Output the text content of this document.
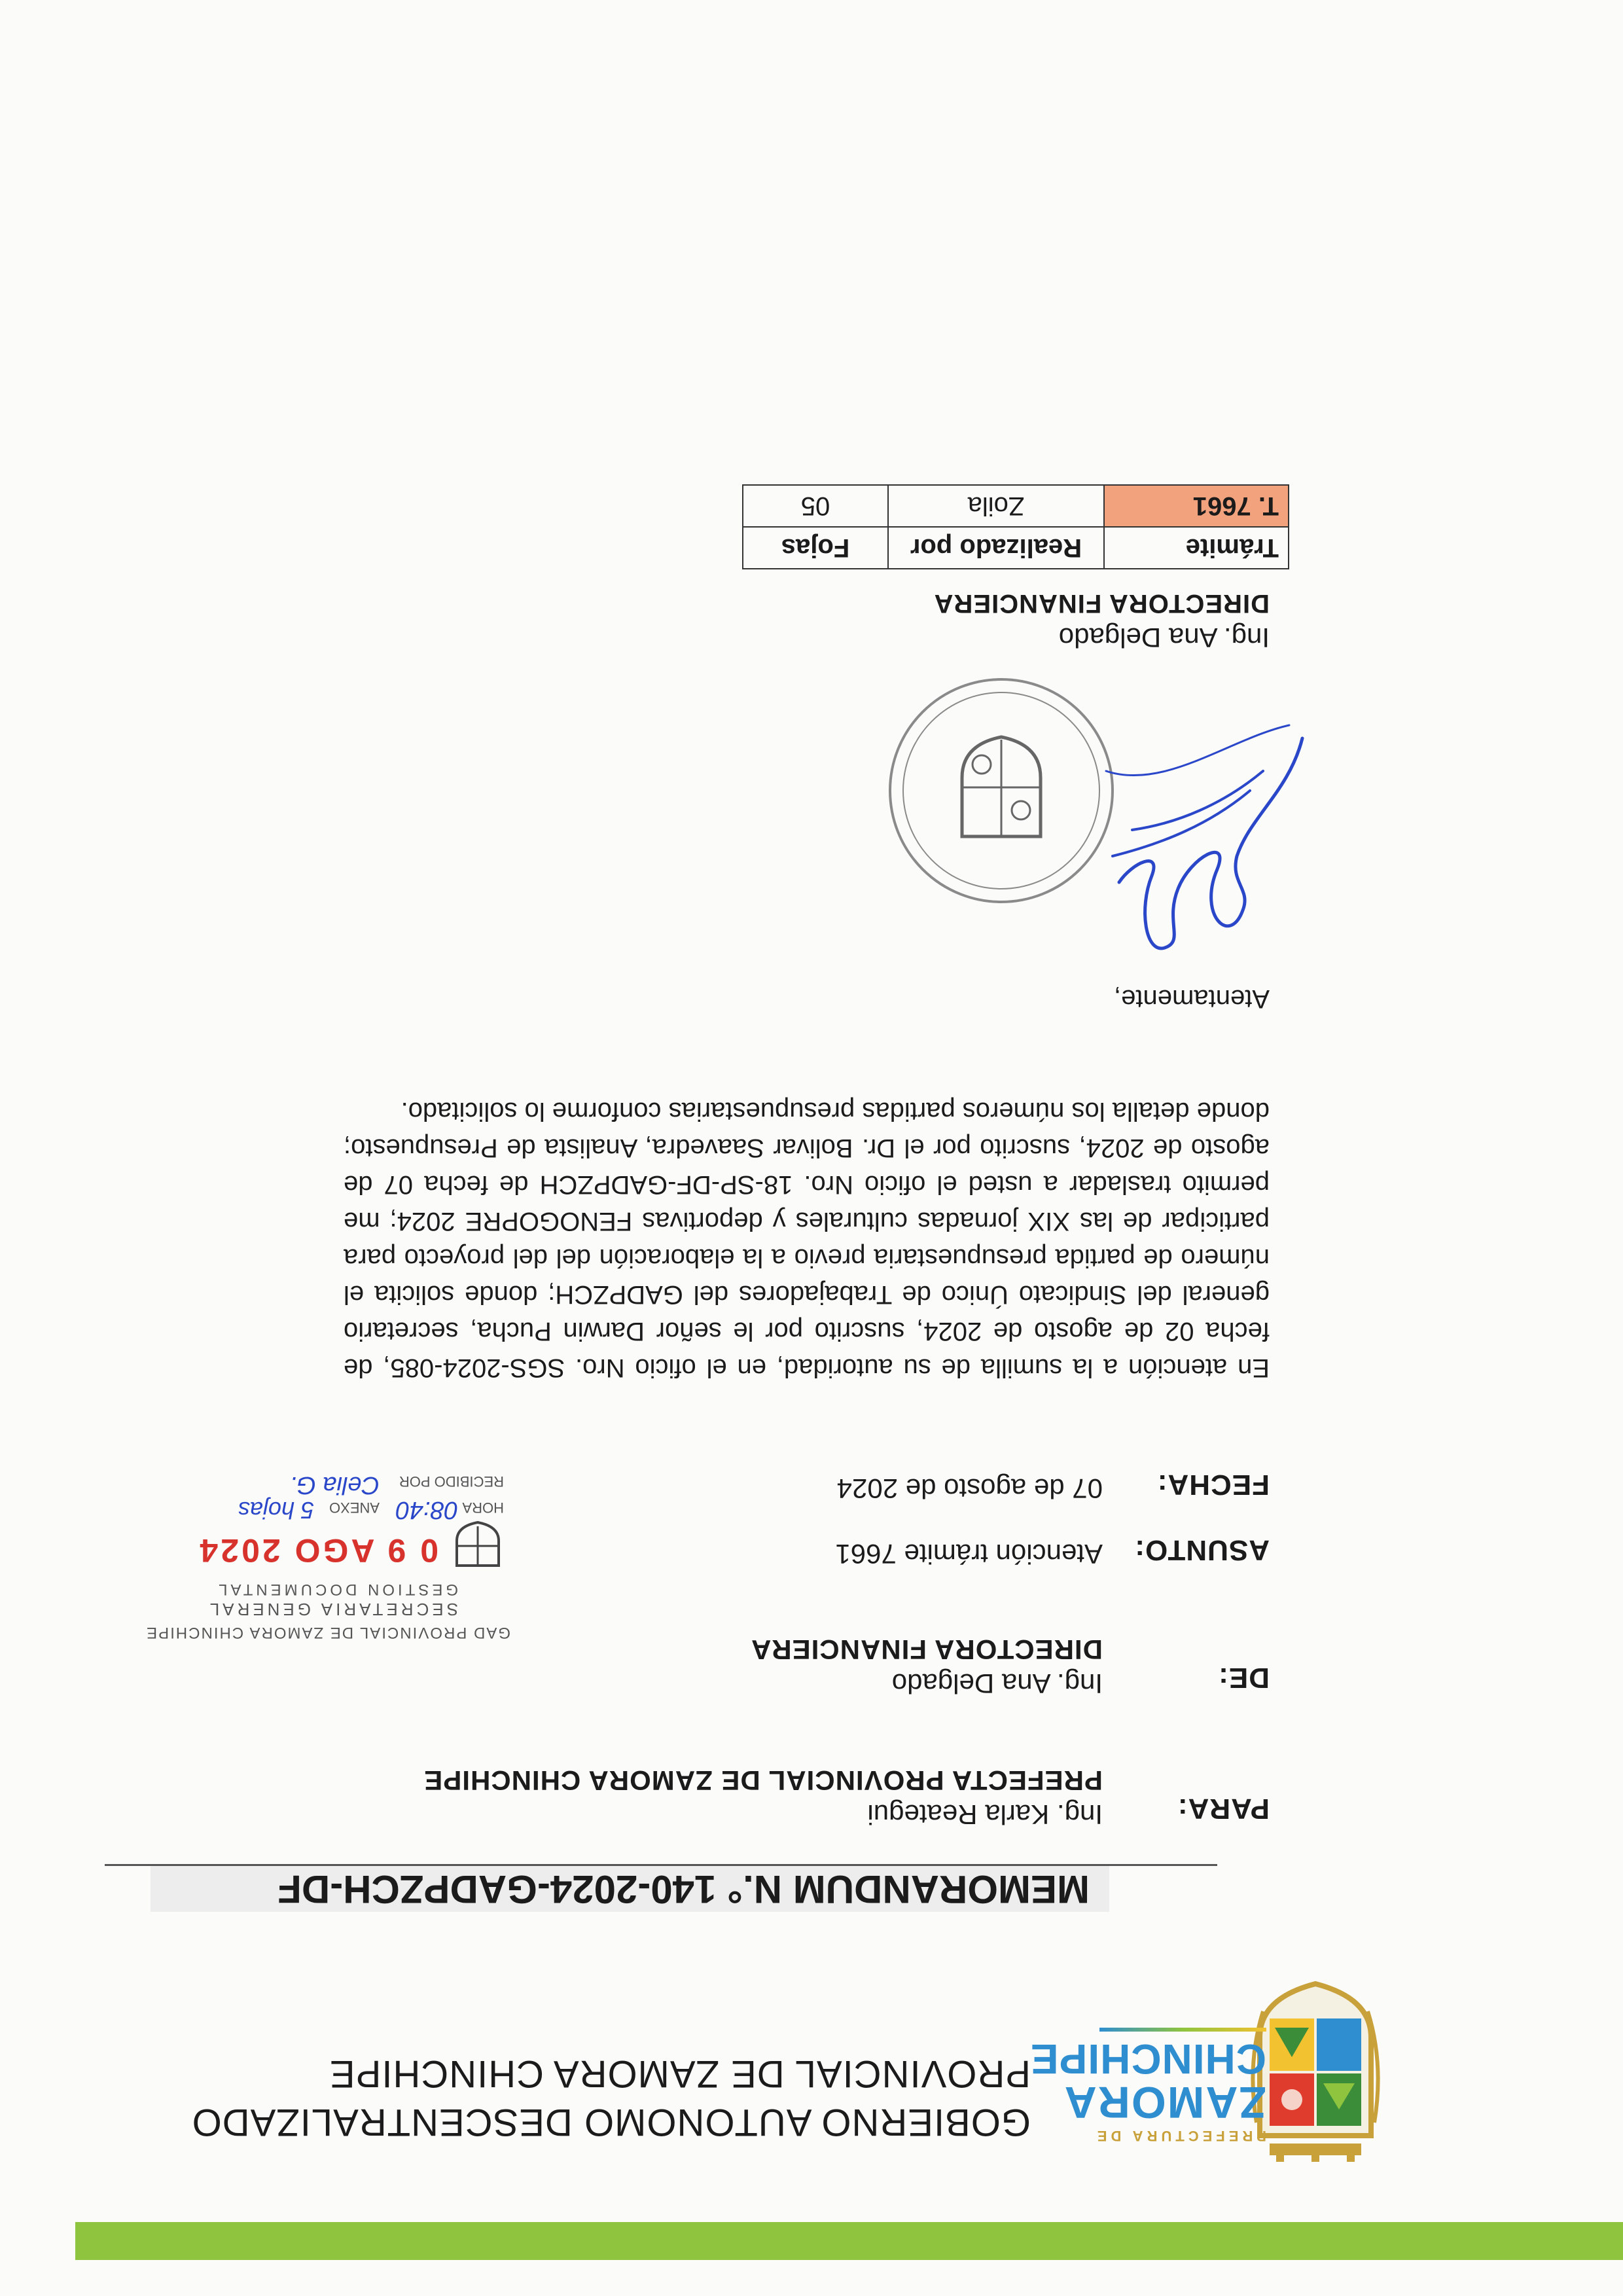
PREFECTURA DE
ZAMORA
CHINCHIPE
GOBIERNO AUTONOMO DESCENTRALIZADO
PROVINCIAL DE ZAMORA CHINCHIPE
MEMORANDUM N.° 140-2024-GADPZCH-DF
PARA:
Ing. Karla Reategui
PREFECTA PROVINCIAL DE ZAMORA CHINCHIPE
DE:
Ing. Ana Delgado
DIRECTORA FINANCIERA
ASUNTO:
Atención trámite 7661
FECHA:
07 de agosto de 2024
GAD PROVINCIAL DE ZAMORA CHINCHIPE
SECRETARIA GENERAL
GESTION DOCUMENTAL
0 9 AGO 2024
HORA
08:40
ANEXO
5 hojas
RECIBIDO POR
Celia G.
En atención a la sumilla de su autoridad, en el oficio Nro. SGS-2024-085, de fecha 02 de agosto de 2024, suscrito por le señor Darwin Pucha, secretario general del Sindicato Único de Trabajadores del GADPZCH; donde solicita el número de partida presupuestaria previo a la elaboración del del proyecto para participar de las XIX jornadas culturales y deportivas FENOGOPRE 2024; me permito trasladar a usted el oficio Nro. 18-SP-DF-GADPZCH de fecha 07 de agosto de 2024, suscrito por el Dr. Bolivar Saavedra, Analista de Presupuesto; donde detalla los números partidas presupuestarias conforme lo solicitado.
Atentamente,
Ing. Ana Delgado
DIRECTORA FINANCIERA
Trámite	Realizado por	Fojas
T. 7661	Zoila	05
